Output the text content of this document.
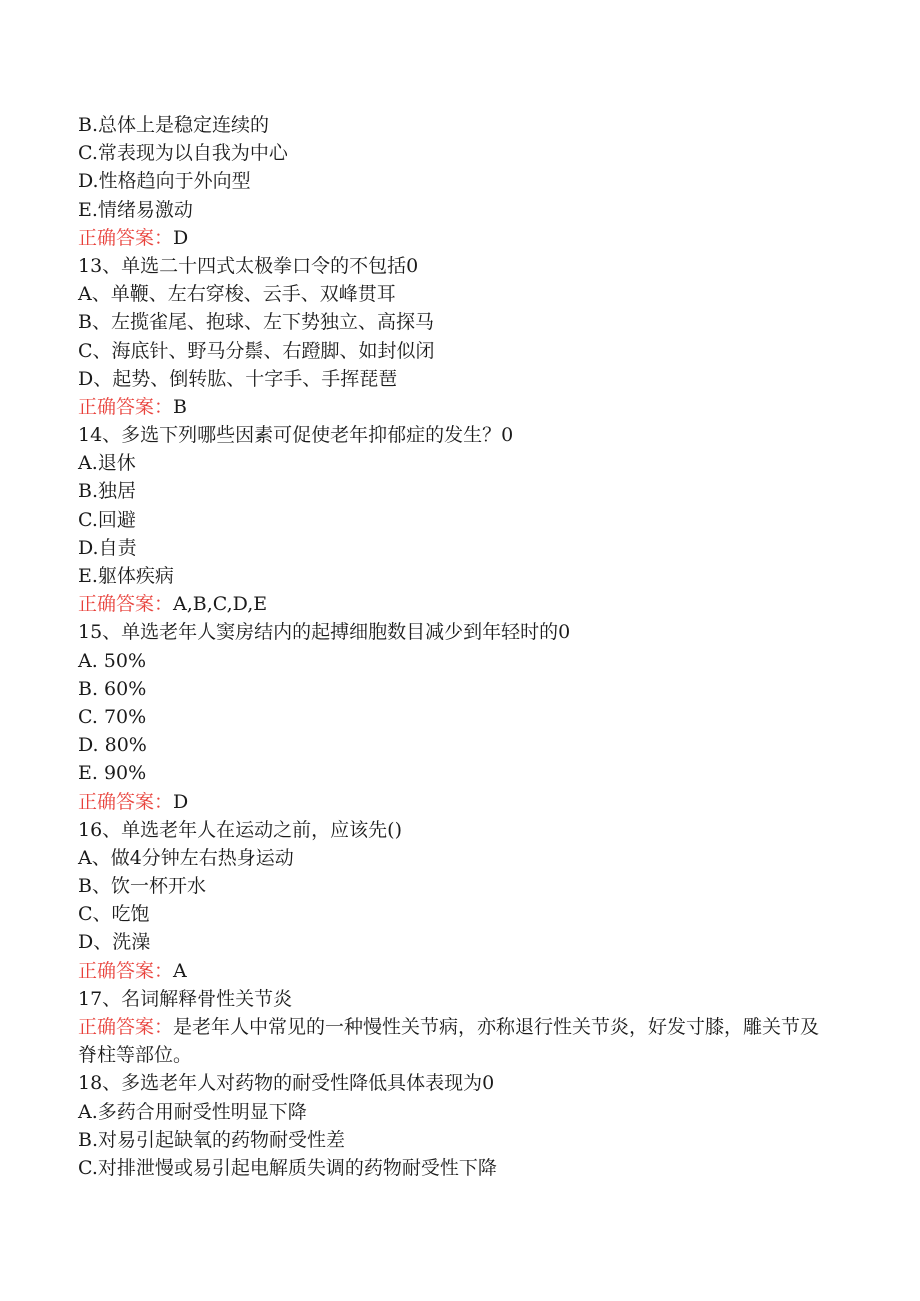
B.总体上是稳定连续的
C.常表现为以自我为中心
D.性格趋向于外向型
E.情绪易激动
正确答案：D
13、单选二十四式太极拳口令的不包括0
A、单鞭、左右穿梭、云手、双峰贯耳
B、左揽雀尾、抱球、左下势独立、高探马
C、海底针、野马分鬃、右蹬脚、如封似闭
D、起势、倒转肱、十字手、手挥琵琶
正确答案：B
14、多选下列哪些因素可促使老年抑郁症的发生？0
A.退休
B.独居
C.回避
D.自责
E.躯体疾病
正确答案：A,B,C,D,E
15、单选老年人窦房结内的起搏细胞数目减少到年轻时的0
A. 50%
B. 60%
C. 70%
D. 80%
E. 90%
正确答案：D
16、单选老年人在运动之前，应该先()
A、做4分钟左右热身运动
B、饮一杯开水
C、吃饱
D、洗澡
正确答案：A
17、名词解释骨性关节炎
正确答案：是老年人中常见的一种慢性关节病，亦称退行性关节炎，好发寸膝，雕关节及脊柱等部位。
18、多选老年人对药物的耐受性降低具体表现为0
A.多药合用耐受性明显下降
B.对易引起缺氧的药物耐受性差
C.对排泄慢或易引起电解质失调的药物耐受性下降
